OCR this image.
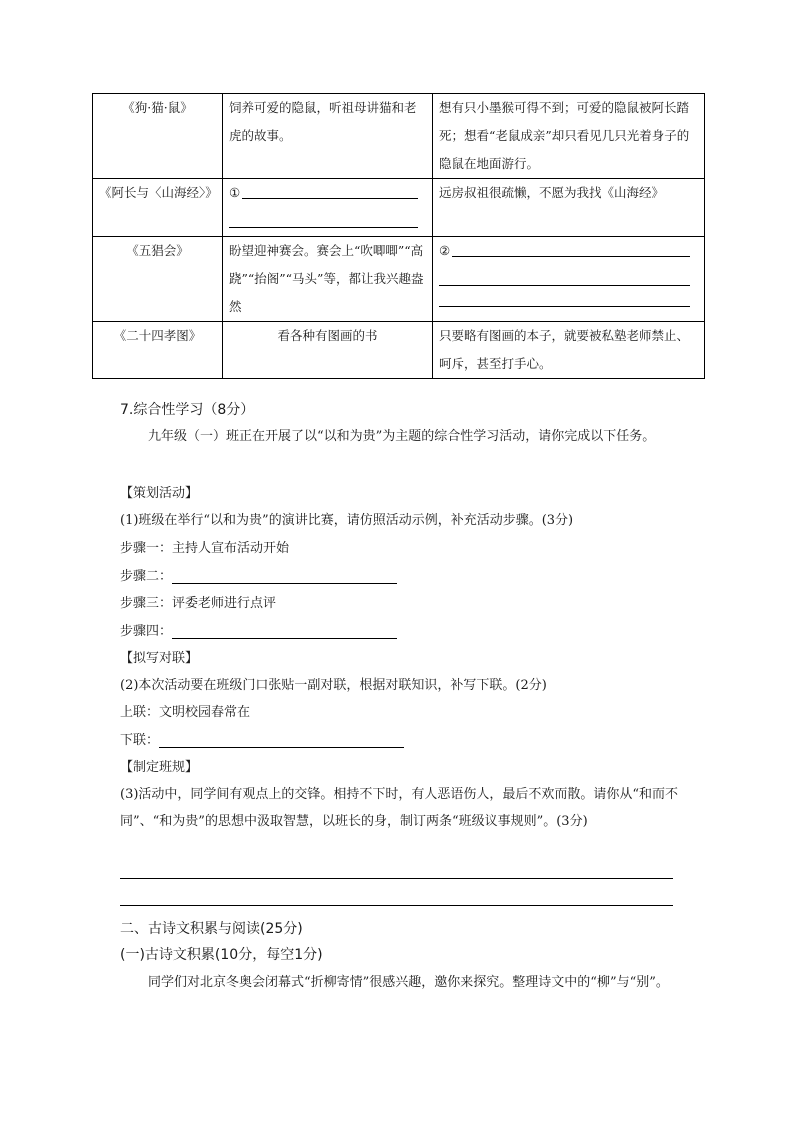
《狗·猫·鼠》	饲养可爱的隐鼠，听祖母讲猫和老虎的故事。	想有只小墨猴可得不到；可爱的隐鼠被阿长踏死；想看“老鼠成亲”却只看见几只光着身子的隐鼠在地面游行。
《阿长与〈山海经〉》	①	远房叔祖很疏懒，不愿为我找《山海经》
《五猖会》	盼望迎神赛会。赛会上“吹唧唧”“高跷”“抬阁”“马头”等，都让我兴趣盎然	②

《二十四孝图》	看各种有图画的书	只要略有图画的本子，就要被私塾老师禁止、呵斥，甚至打手心。
7.综合性学习（8分）
九年级（一）班正在开展了以“以和为贵”为主题的综合性学习活动，请你完成以下任务。
【策划活动】
(1)班级在举行“以和为贵”的演讲比赛，请仿照活动示例，补充活动步骤。(3分)
步骤一：主持人宣布活动开始
步骤二：
步骤三：评委老师进行点评
步骤四：
【拟写对联】
(2)本次活动要在班级门口张贴一副对联，根据对联知识，补写下联。(2分)
上联：文明校园春常在
下联：
【制定班规】
(3)活动中，同学间有观点上的交锋。相持不下时，有人恶语伤人，最后不欢而散。请你从“和而不同”、“和为贵”的思想中汲取智慧，以班长的身，制订两条“班级议事规则”。(3分)
二、古诗文积累与阅读(25分)
(一)古诗文积累(10分，每空1分)
同学们对北京冬奥会闭幕式“折柳寄情”很感兴趣，邀你来探究。整理诗文中的“柳”与“别”。
